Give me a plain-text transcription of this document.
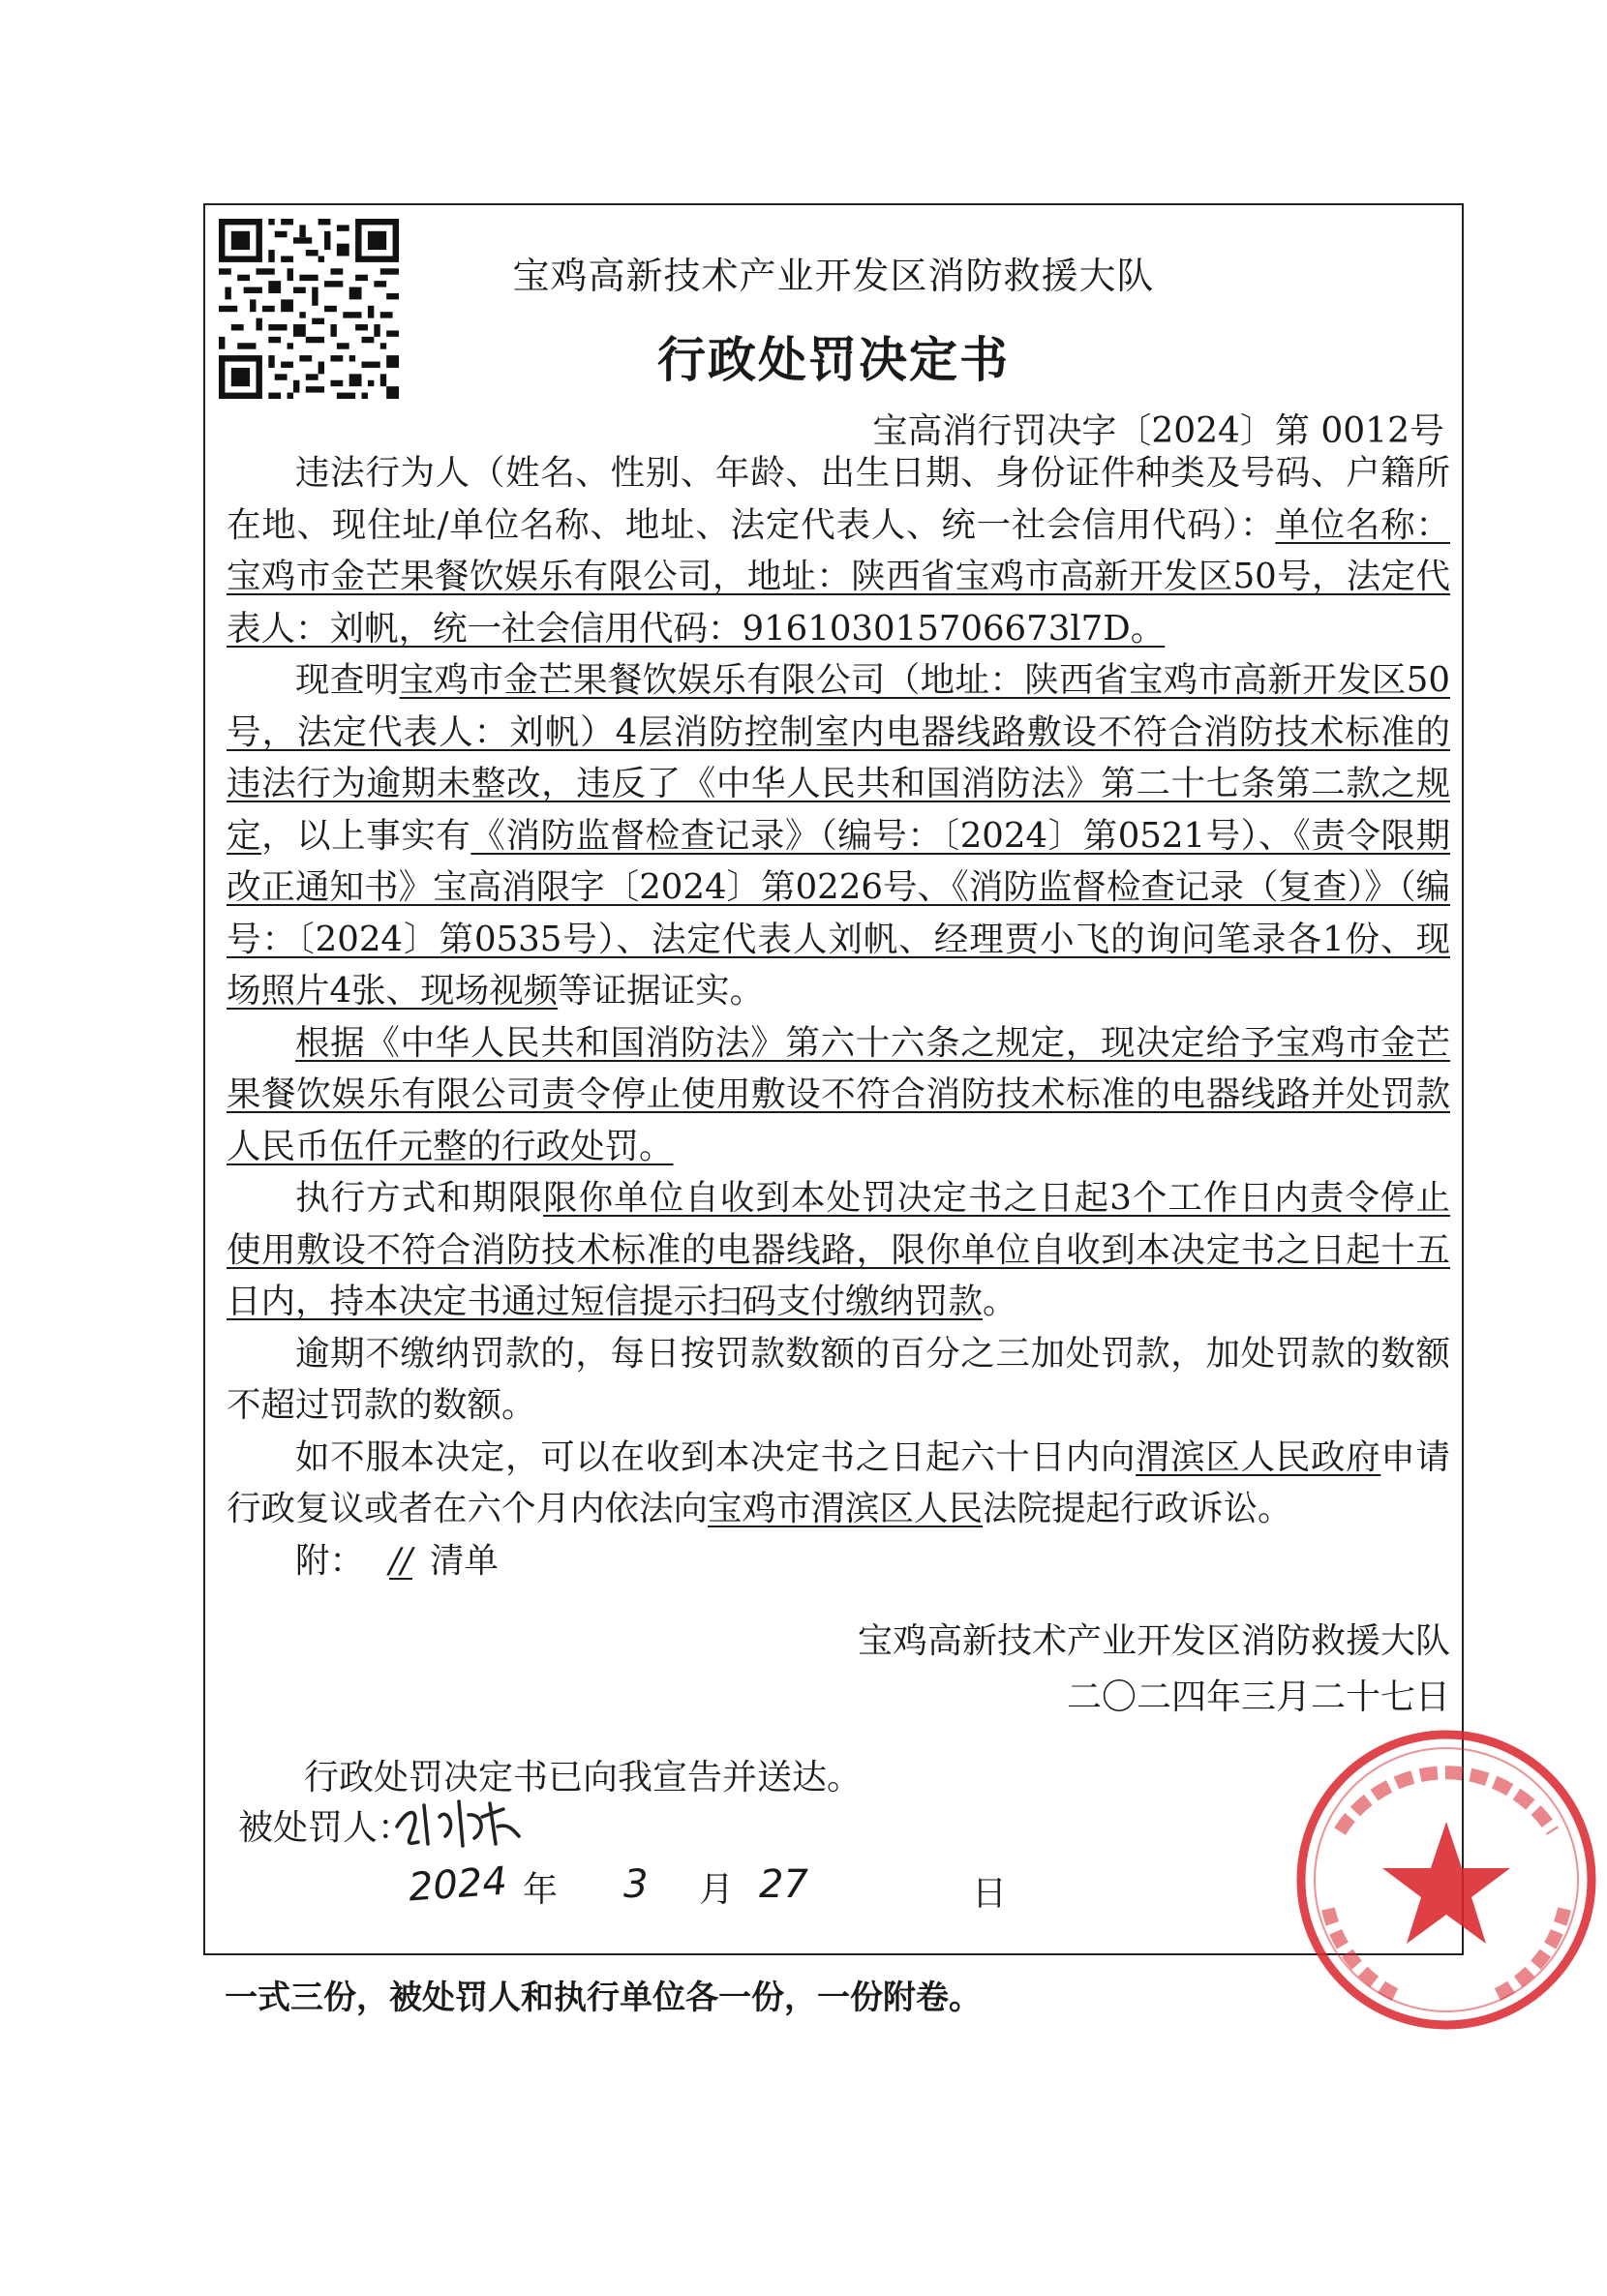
宝鸡高新技术产业开发区消防救援大队
行政处罚决定书
宝高消行罚决字〔2024〕第 0012号

违法行为人（姓名、性别、年龄、出生日期、身份证件种类及号码、户籍所在地、现住址/单位名称、地址、法定代表人、统一社会信用代码）：单位名称：宝鸡市金芒果餐饮娱乐有限公司，地址：陕西省宝鸡市高新开发区50号，法定代表人：刘帆，统一社会信用代码：916103015706673l7D。

现查明宝鸡市金芒果餐饮娱乐有限公司（地址：陕西省宝鸡市高新开发区50号，法定代表人：刘帆）4层消防控制室内电器线路敷设不符合消防技术标准的违法行为逾期未整改，违反了《中华人民共和国消防法》第二十七条第二款之规定，以上事实有《消防监督检查记录》（编号：〔2024〕第0521号）、《责令限期改正通知书》宝高消限字〔2024〕第0226号、《消防监督检查记录（复查）》（编号：〔2024〕第0535号）、法定代表人刘帆、经理贾小飞的询问笔录各1份、现场照片4张、现场视频等证据证实。

根据《中华人民共和国消防法》第六十六条之规定，现决定给予宝鸡市金芒果餐饮娱乐有限公司责令停止使用敷设不符合消防技术标准的电器线路并处罚款人民币伍仟元整的行政处罚。

执行方式和期限限你单位自收到本处罚决定书之日起3个工作日内责令停止使用敷设不符合消防技术标准的电器线路，限你单位自收到本决定书之日起十五日内，持本决定书通过短信提示扫码支付缴纳罚款。

逾期不缴纳罚款的，每日按罚款数额的百分之三加处罚款，加处罚款的数额不超过罚款的数额。

如不服本决定，可以在收到本决定书之日起六十日内向渭滨区人民政府申请行政复议或者在六个月内依法向宝鸡市渭滨区人民法院提起行政诉讼。

附： // 清单

宝鸡高新技术产业开发区消防救援大队
二〇二四年三月二十七日
行政处罚决定书已向我宣告并送达。
被处罚人：
2024 年 3 月 27	日
一式三份，被处罚人和执行单位各一份，一份附卷。
